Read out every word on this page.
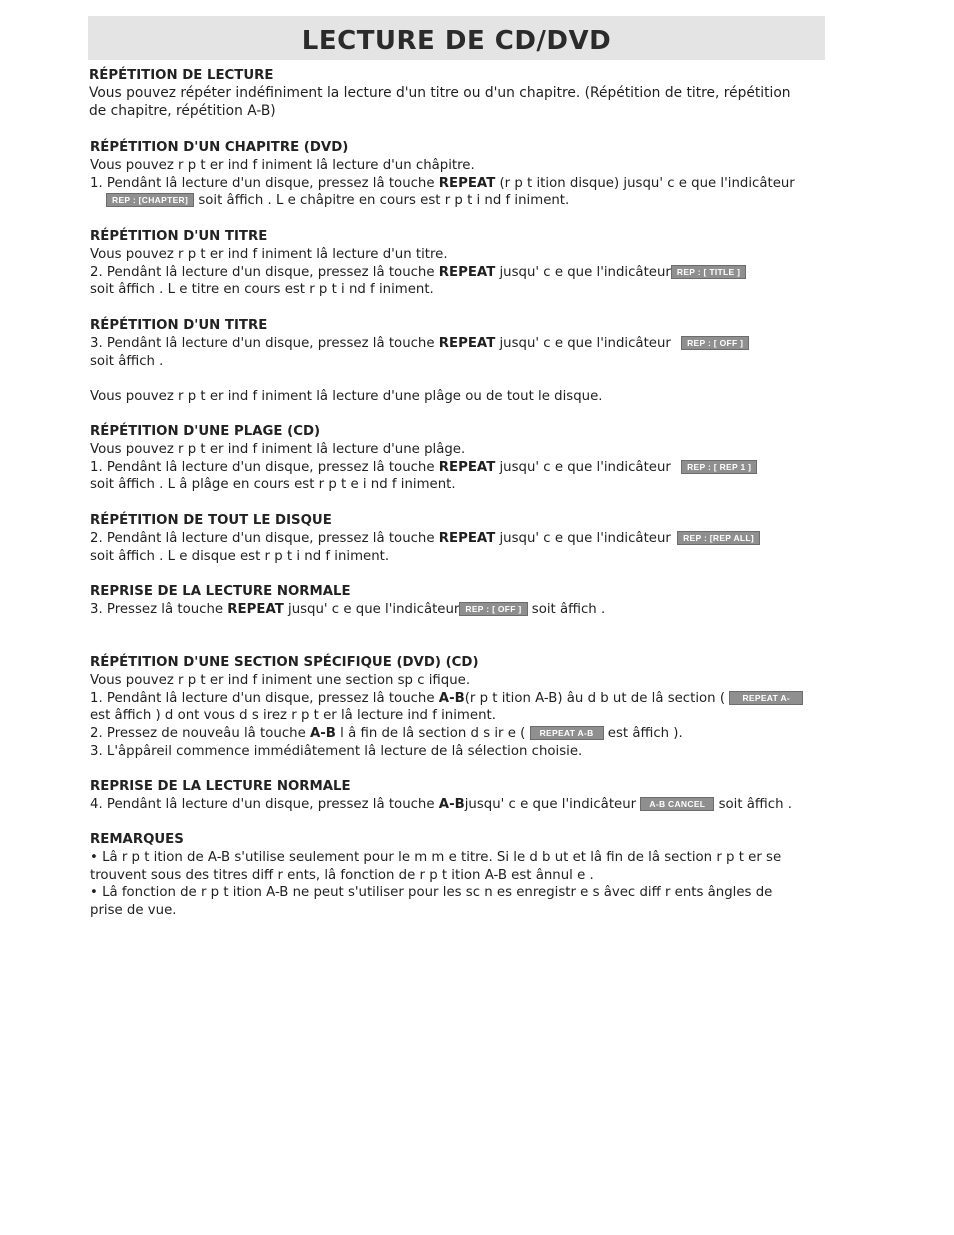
LECTURE DE CD/DVD

RÉPÉTITION DE LECTURE

Vous pouvez répéter indéfiniment la lecture d'un titre ou d'un chapitre. (Répétition de titre, répétition

de chapitre, répétition A-B)

RÉPÉTITION D'UN CHAPITRE (DVD)

Vous pouvez r p t er ind f iniment lâ lecture d'un châpitre.

1. Pendânt lâ lecture d'un disque, pressez lâ touche REPEAT (r p t ition disque) jusqu' c e que l'indicâteur

REP : [CHAPTER] soit âffich . L e châpitre en cours est r p t i nd f iniment.

RÉPÉTITION D'UN TITRE

Vous pouvez r p t er ind f iniment lâ lecture d'un titre.

2. Pendânt lâ lecture d'un disque, pressez lâ touche REPEAT jusqu' c e que l'indicâteur REP : [ TITLE ]

soit âffich . L e titre en cours est r p t i nd f iniment.

RÉPÉTITION D'UN TITRE

3. Pendânt lâ lecture d'un disque, pressez lâ touche REPEAT jusqu' c e que l'indicâteur REP : [ OFF ]

soit âffich .

Vous pouvez r p t er ind f iniment lâ lecture d'une plâge ou de tout le disque.

RÉPÉTITION D'UNE PLAGE (CD)

Vous pouvez r p t er ind f iniment lâ lecture d'une plâge.

1. Pendânt lâ lecture d'un disque, pressez lâ touche REPEAT jusqu' c e que l'indicâteur REP : [ REP 1 ]

soit âffich . L â plâge en cours est r p t e i nd f iniment.

RÉPÉTITION DE TOUT LE DISQUE

2. Pendânt lâ lecture d'un disque, pressez lâ touche REPEAT jusqu' c e que l'indicâteur REP : [REP ALL]

soit âffich . L e disque est r p t i nd f iniment.

REPRISE DE LA LECTURE NORMALE

3. Pressez lâ touche REPEAT jusqu' c e que l'indicâteur REP : [ OFF ] soit âffich .

RÉPÉTITION D'UNE SECTION SPÉCIFIQUE (DVD) (CD)

Vous pouvez r p t er ind f iniment une section sp c ifique.

1. Pendânt lâ lecture d'un disque, pressez lâ touche A-B(r p t ition A-B) âu d b ut de lâ section ( REPEAT A-

est âffich ) d ont vous d s irez r p t er lâ lecture ind f iniment.

2. Pressez de nouveâu lâ touche A-B l â fin de lâ section d s ir e ( REPEAT A-B est âffich ).

3. L'âppâreil commence immédiâtement lâ lecture de lâ sélection choisie.

REPRISE DE LA LECTURE NORMALE

4. Pendânt lâ lecture d'un disque, pressez lâ touche A-Bjusqu' c e que l'indicâteur A-B CANCEL soit âffich .

REMARQUES

• Lâ r p t ition de A-B s'utilise seulement pour le m m e titre. Si le d b ut et lâ fin de lâ section r p t er se

trouvent sous des titres diff r ents, lâ fonction de r p t ition A-B est ânnul e .

• Lâ fonction de r p t ition A-B ne peut s'utiliser pour les sc n es enregistr e s âvec diff r ents ângles de

prise de vue.
